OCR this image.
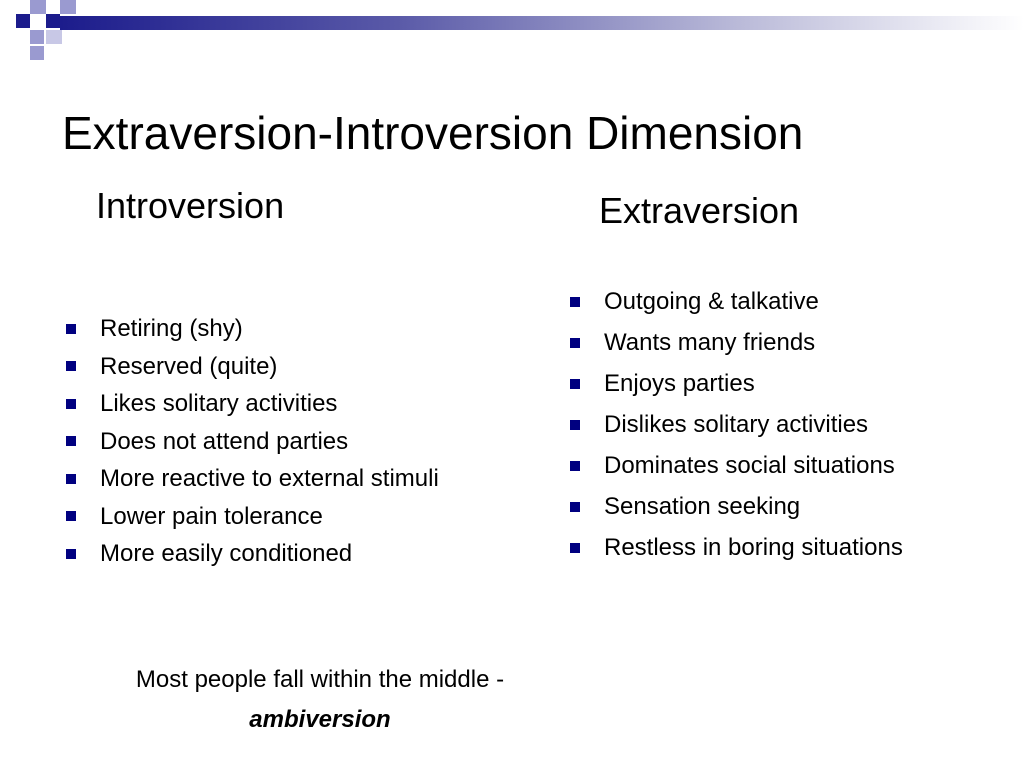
Extraversion-Introversion Dimension
Introversion	Extraversion
Retiring (shy)
Reserved (quite)
Likes solitary activities
Does not attend parties
More reactive to external stimuli
Lower pain tolerance
More easily conditioned
Outgoing & talkative
Wants many friends
Enjoys parties
Dislikes solitary activities
Dominates social situations
Sensation seeking
Restless in boring situations

Most people fall within the middle -
ambiversion
